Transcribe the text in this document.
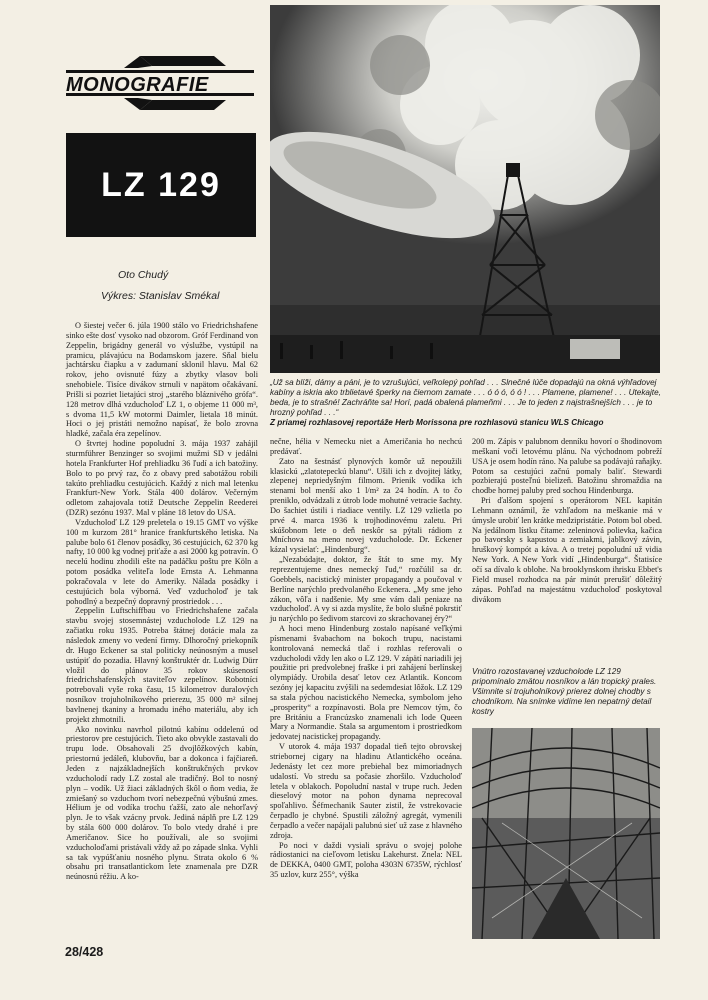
MONOGRAFIE
LZ 129
Oto Chudý
Výkres: Stanislav Smékal
„Už sa blíži, dámy a páni, je to vzrušujúci, veľkolepý pohľad . . . Slnečné lúče dopadajú na okná výhľadovej kabíny a iskria ako trblietavé šperky na čiernom zamate . . . ó ó ó, ó ó ! . . . Plamene, plamene! . . . Utekajte, beda, je to strašné! Zachráňte sa! Horí, padá obalená plameňmi . . . Je to jeden z najstrašnejších . . . je to hrozný pohľad . . .“
Z priamej rozhlasovej reportáže Herb Morissona pre rozhlasovú stanicu WLS Chicago

O šiestej večer 6. júla 1900 stálo vo Friedrichshafene sinko ešte dosť vysoko nad obzorom. Gróf Ferdinand von Zeppelin, brigádny generál vo výslužbe, vystúpil na pramicu, plávajúcu na Bodamskom jazere. Sňal bielu jachtársku čiapku a v zadumaní sklonil hlavu. Mal 62 rokov, jeho ovisnuté fúzy a zbytky vlasov boli snehobiele. Tisíce divákov strnuli v napätom očakávaní. Prišli si pozriet lietajúci stroj „starého bláznivého grófa“. 128 metrov dlhá vzducholoď LZ 1, o objeme 11 000 m³, s dvoma 11,5 kW motormi Daimler, lietala 18 minút. Hoci o jej pristáti nemožno napísať, že bolo zrovna hladké, začala éra zepelínov.

O štvrtej hodine popoludní 3. mája 1937 zahájil sturmführer Benzinger so svojimi mužmi SD v jedálni hotela Frankfurter Hof prehliadku 36 ľudí a ich batožiny. Bolo to po prvý raz, čo z obavy pred sabotážou robili takúto prehliadku cestujúcich. Každý z nich mal letenku Frankfurt-New York. Stála 400 dolárov. Večerným odletom zahajovala totiž Deutsche Zeppelin Reederei (DZR) sezónu 1937. Mal v pláne 18 letov do USA.

Vzducholoď LZ 129 preletela o 19.15 GMT vo výške 100 m kurzom 281° hranice frankfurtského letiska. Na palube bolo 61 členov posádky, 36 cestujúcich, 62 370 kg nafty, 10 000 kg vodnej priťaže a asi 2000 kg potravín. O necelú hodinu zhodili ešte na padáčku poštu pre Köln a potom posádka veliteľa lode Ernsta A. Lehmanna pokračovala v lete do Ameriky. Nálada posádky i cestujúcich bola výborná. Veď vzducholoď je tak pohodlný a bezpečný dopravný prostriedok . . .

Zeppelin Luftschiffbau vo Friedrichshafene začala stavbu svojej stosemnástej vzducholode LZ 129 na začiatku roku 1935. Potreba štátnej dotácie mala za následok zmeny vo vedení firmy. Dlhoročný priekopník dr. Hugo Eckener sa stal politicky neúnosným a musel ustúpiť do pozadia. Hlavný konštruktér dr. Ludwig Dürr vložil do plánov 35 rokov skúseností friedrichshafenských staviteľov zepelínov. Robotníci potrebovali vyše roka času, 15 kilometrov duralových nosníkov trojuholníkového prierezu, 35 000 m² silnej bavlnenej tkaniny a hromadu iného materiálu, aby ich projekt zhmotnili.

Ako novinku navrhol pilotnú kabínu oddelenú od priestorov pre cestujúcich. Tieto ako obvykle zastavali do trupu lode. Obsahovali 25 dvojlôžkových kabín, priestornú jedáleň, klubovňu, bar a dokonca i fajčiareň. Jeden z najzákladnejších konštrukčných prvkov vzducholodí rady LZ zostal ale tradičný. Bol to nosný plyn – vodík. Už žiaci základných škôl o ňom vedia, že zmiešaný so vzduchom tvorí nebezpečnú výbušnú zmes. Hélium je od vodíka trochu ťažší, zato ale nehorľavý plyn. Je to však vzácny prvok. Jediná náplň pre LZ 129 by stála 600 000 dolárov. To bolo vtedy drahé i pre Američanov. Sice ho používali, ale so svojimi vzducholoďami pristávali vždy až po západe slnka. Vyhli sa tak vypúšťaniu nosného plynu. Strata okolo 6 % obsahu pri transatlantickom lete znamenala pre DZR neúnosnú réžiu. A ko-

nečne, hélia v Nemecku niet a Američania ho nechcú predávať.

Zato na šestnásť plynových komôr už nepoužili klasickú „zlatotepeckú blanu“. Ušili ich z dvojitej látky, zlepenej nepriedyšným filmom. Prienik vodíka ich stenami bol menší ako 1 l/m² za 24 hodín. A to čo preniklo, odvádzali z útrob lode mohutné vetracie šachty. Do šachiet ústili i riadiace ventily. LZ 129 vzlietla po prvé 4. marca 1936 k trojhodinovému zaletu. Pri skúšobnom lete o deň neskôr sa pýtali rádiom z Mníchova na meno novej vzducholode. Dr. Eckener kázal vysielať: „Hindenburg“.

„Nezabúdajte, doktor, že štát to sme my. My reprezentujeme dnes nemecký ľud,“ rozčúlil sa dr. Goebbels, nacistický minister propagandy a poučoval v Berlíne narýchlo predvolaného Eckenera. „My sme jeho zákon, vôľa i nadšenie. My sme vám dali peniaze na vzducholoď. A vy si azda myslíte, že bolo slušné pokrstiť ju narýchlo po šedivom starcovi zo skrachovanej éry?“

A hoci meno Hindenburg zostalo napísané veľkými písmenami švabachom na bokoch trupu, nacistami kontrolovaná nemecká tlač i rozhlas referovali o vzducholodi vždy len ako o LZ 129. V zápätí nariadili jej použitie pri predvolebnej fraške i pri zahájení berlínskej olympiády. Urobila desať letov cez Atlantik. Koncom sezóny jej kapacitu zvýšili na sedemdesiat lôžok. LZ 129 sa stala pýchou nacistického Nemecka, symbolom jeho „prosperity“ a rozpínavosti. Bola pre Nemcov tým, čo pre Britániu a Francúzsko znamenali ich lode Queen Mary a Normandie. Stala sa argumentom i prostriedkom jedovatej nacistickej propagandy.

V utorok 4. mája 1937 dopadal tieň tejto obrovskej striebornej cigary na hladinu Atlantického oceána. Jedenásty let cez more prebiehal bez mimoriadnych udalostí. Vo stredu sa počasie zhoršilo. Vzducholoď letela v oblakoch. Popoludní nastal v trupe ruch. Jeden dieselový motor na pohon dynama neprecoval spoľahlivo. Šéfmechanik Sauter zistil, že vstrekovacie čerpadlo je chybné. Spustili záložný agregát, vymenili čerpadlo a večer napájali palubnú sieť už zase z hlavného zdroja.

Po noci v daždi vysiali správu o svojej polohe rádiostanici na cieľovom letisku Lakehurst. Znela: NEL de DEKKA, 0400 GMT, poloha 4303N 6735W, rýchlosť 35 uzlov, kurz 255°, výška

200 m. Zápis v palubnom denníku hovorí o šhodinovom meškaní voči letovému plánu. Na východnom pobreží USA je osem hodín ráno. Na palube sa podávajú raňajky. Potom sa cestujúci začnú pomaly baliť. Stewardi pozbierajú posteľnú bielizeň. Batožinu shromaždia na chodbe hornej paluby pred sochou Hindenburga.

Pri ďalšom spojení s operátorom NEL kapitán Lehmann oznámil, že vzhľadom na meškanie má v úmysle urobiť len krátke medzipristátie. Potom bol obed. Na jedálnom lístku čítame: zeleninová polievka, kačica po bavorsky s kapustou a zemiakmi, jablkový závin, hruškový kompót a káva. A o tretej popoludní už vidia New York. A New York vidí „Hindenburga“. Štatisíce očí sa dívalo k oblohe. Na brooklynskom ihrisku Ebbet's Field musel rozhodca na pár minút prerušiť dôležitý zápas. Pohľad na majestátnu vzducholoď poskytoval divákom

Vnútro rozostavanej vzducholode LZ 129 pripomínalo zmätou nosníkov a lán tropický prales. Všimnite si trojuholníkový prierez dolnej chodby s chodníkom. Na snímke vidíme len nepatrný detail kostry
28/428
